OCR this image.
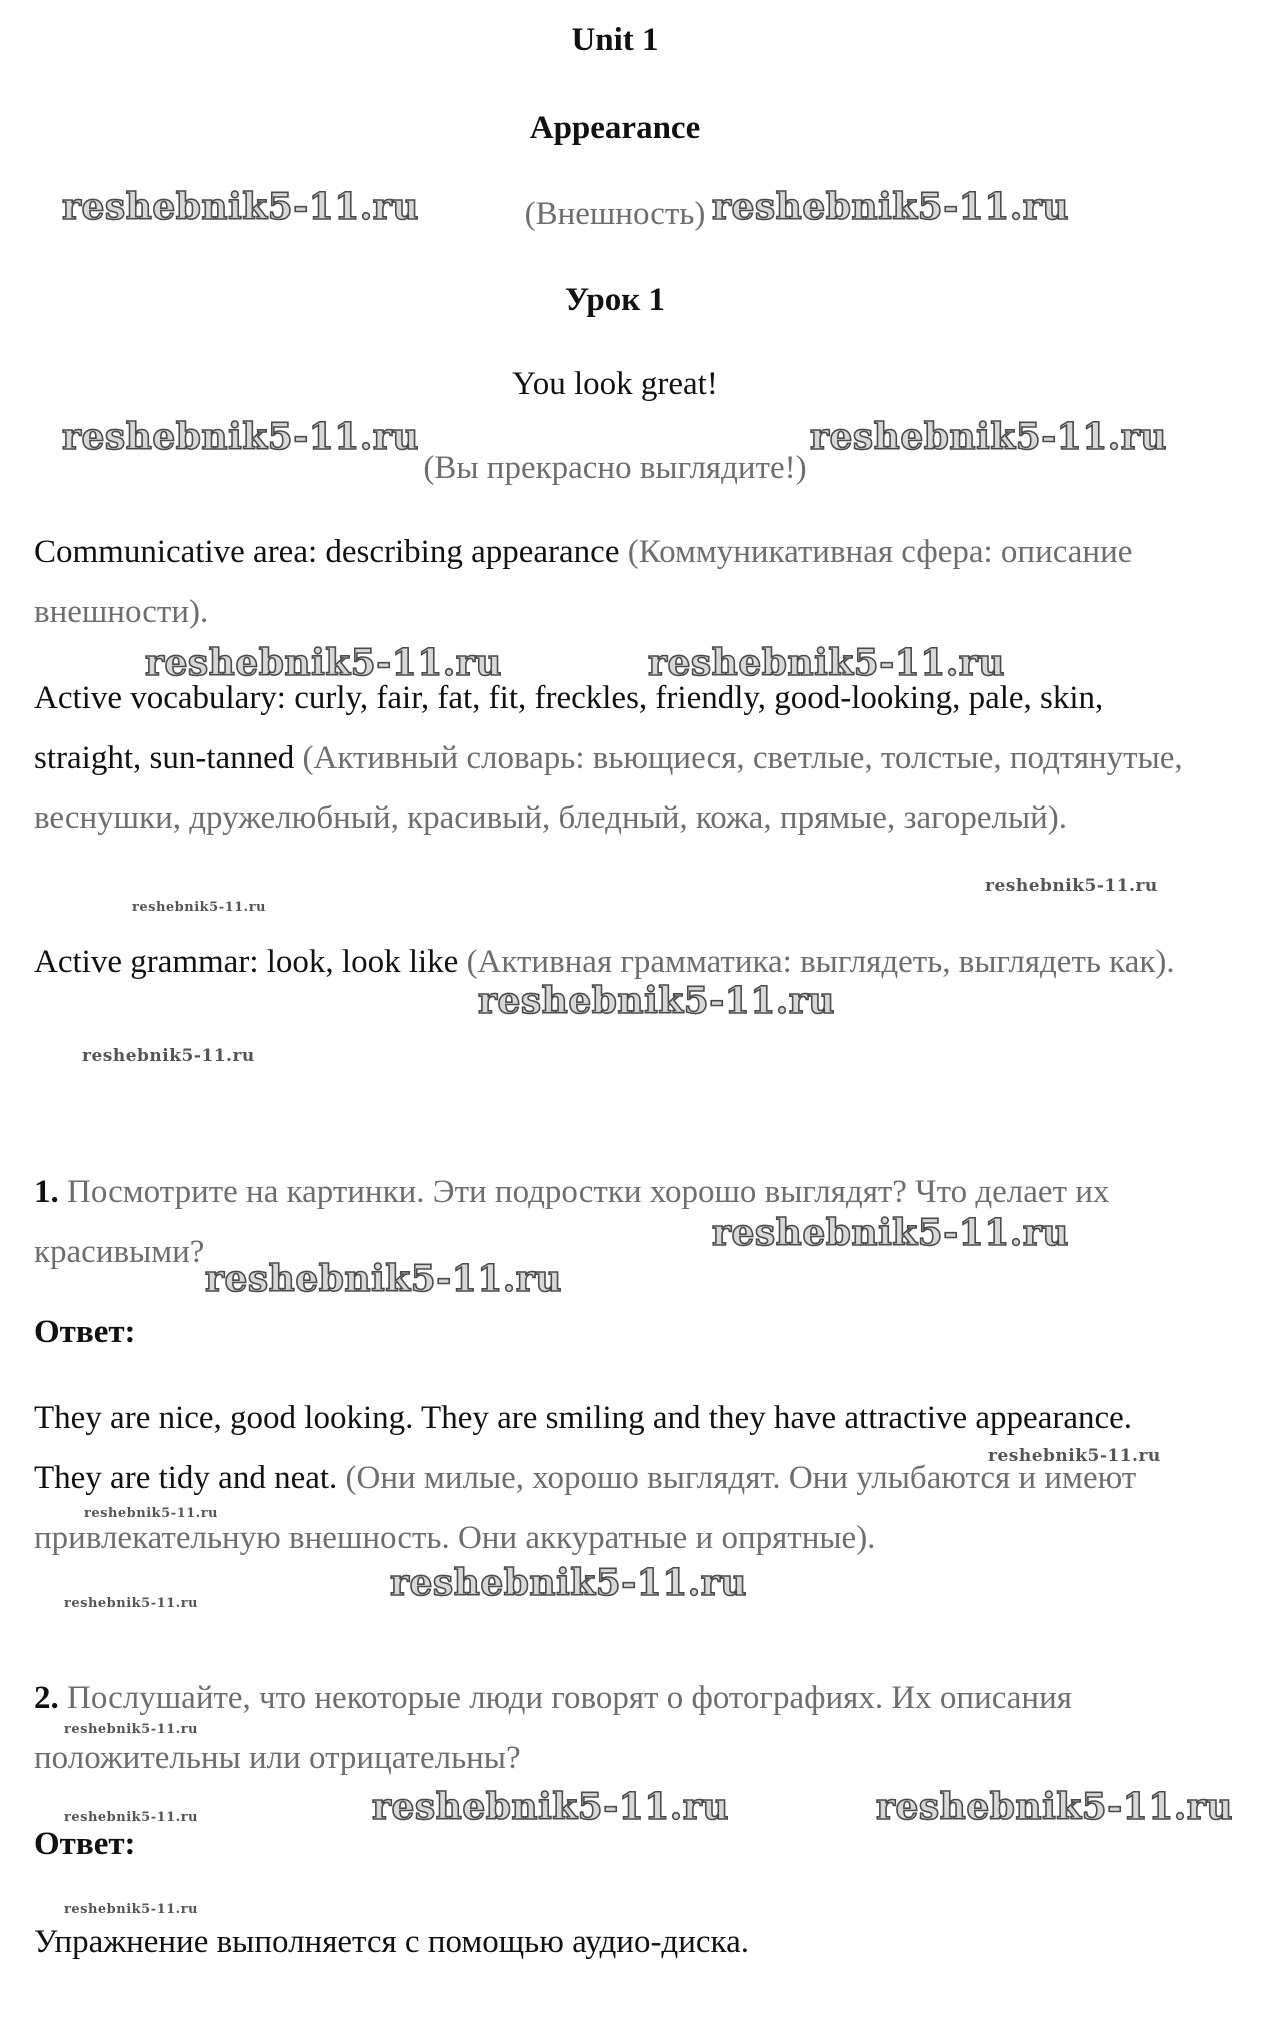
Unit 1
Appearance
(Внешность)
Урок 1
You look great!
(Вы прекрасно выглядите!)
Communicative area: describing appearance (Коммуникативная сфера: описание внешности).
Active vocabulary: curly, fair, fat, fit, freckles, friendly, good-looking, pale, skin, straight, sun-tanned (Активный словарь: вьющиеся, светлые, толстые, подтянутые, веснушки, дружелюбный, красивый, бледный, кожа, прямые, загорелый).
Active grammar: look, look like (Активная грамматика: выглядеть, выглядеть как).
1. Посмотрите на картинки. Эти подростки хорошо выглядят? Что делает их красивыми?
Ответ:
They are nice, good looking. They are smiling and they have attractive appearance. They are tidy and neat. (Они милые, хорошо выглядят. Они улыбаются и имеют привлекательную внешность. Они аккуратные и опрятные).
2. Послушайте, что некоторые люди говорят о фотографиях. Их описания положительны или отрицательны?
Ответ:
Упражнение выполняется с помощью аудио-диска.
reshebnik5-11.ru	reshebnik5-11.ru
reshebnik5-11.ru	reshebnik5-11.ru
reshebnik5-11.ru	reshebnik5-11.ru
reshebnik5-11.ru
reshebnik5-11.ru
reshebnik5-11.ru
reshebnik5-11.ru
reshebnik5-11.ru
reshebnik5-11.ru
reshebnik5-11.ru
reshebnik5-11.ru
reshebnik5-11.ru
reshebnik5-11.ru
reshebnik5-11.ru
reshebnik5-11.ru	reshebnik5-11.ru
reshebnik5-11.ru
reshebnik5-11.ru
